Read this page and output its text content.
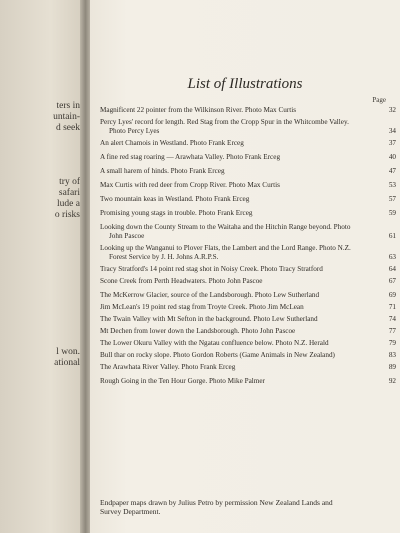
ters in
untain-
d seek
try of
safari
lude a
o risks
l won.
ational
List of Illustrations
Page
Magnificent 22 pointer from the Wilkinson River. Photo Max Curtis	32
Percy Lyes' record for length. Red Stag from the Cropp Spur in the Whitcombe Valley. Photo Percy Lyes	34
An alert Chamois in Westland. Photo Frank Erceg	37
A fine red stag roaring — Arawhata Valley. Photo Frank Erceg	40
A small harem of hinds. Photo Frank Erceg	47
Max Curtis with red deer from Cropp River. Photo Max Curtis	53
Two mountain keas in Westland. Photo Frank Erceg	57
Promising young stags in trouble. Photo Frank Erceg	59
Looking down the County Stream to the Waitaha and the Hitchin Range beyond. Photo John Pascoe	61
Looking up the Wanganui to Plover Flats, the Lambert and the Lord Range. Photo N.Z. Forest Service by J. H. Johns A.R.P.S.	63
Tracy Stratford's 14 point red stag shot in Noisy Creek. Photo Tracy Stratford	64
Scone Creek from Perth Headwaters. Photo John Pascoe	67
The McKerrow Glacier, source of the Landsborough. Photo Lew Sutherland	69
Jim McLean's 19 point red stag from Troyte Creek. Photo Jim McLean	71
The Twain Valley with Mt Sefton in the background. Photo Lew Sutherland	74
Mt Dechen from lower down the Landsborough. Photo John Pascoe	77
The Lower Okuru Valley with the Ngatau confluence below. Photo N.Z. Herald	79
Bull thar on rocky slope. Photo Gordon Roberts (Game Animals in New Zealand)	83
The Arawhata River Valley. Photo Frank Erceg	89
Rough Going in the Ten Hour Gorge. Photo Mike Palmer	92
Endpaper maps drawn by Julius Petro by permission New Zealand Lands and Survey Department.
